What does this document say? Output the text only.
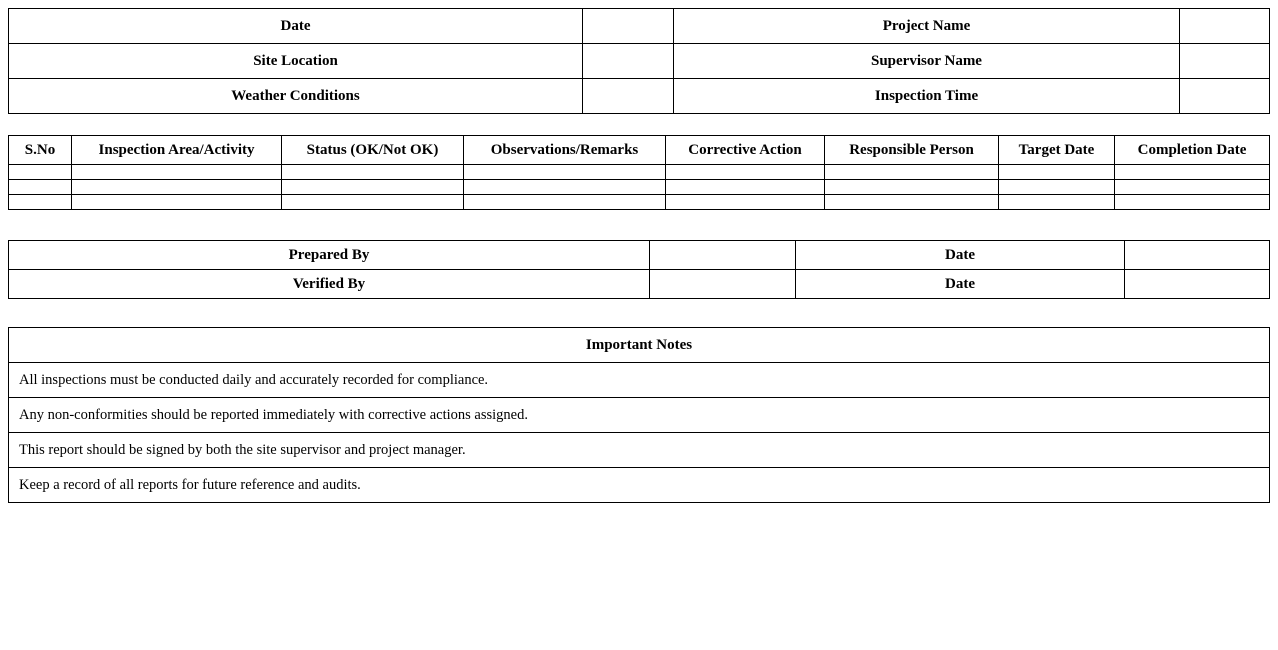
Date		Project Name	
Site Location		Supervisor Name	
Weather Conditions		Inspection Time	
S.No	Inspection Area/Activity	Status (OK/Not OK)	Observations/Remarks	Corrective Action	Responsible Person	Target Date	Completion Date

Prepared By		Date	
Verified By		Date	
Important Notes
All inspections must be conducted daily and accurately recorded for compliance.
Any non-conformities should be reported immediately with corrective actions assigned.
This report should be signed by both the site supervisor and project manager.
Keep a record of all reports for future reference and audits.
